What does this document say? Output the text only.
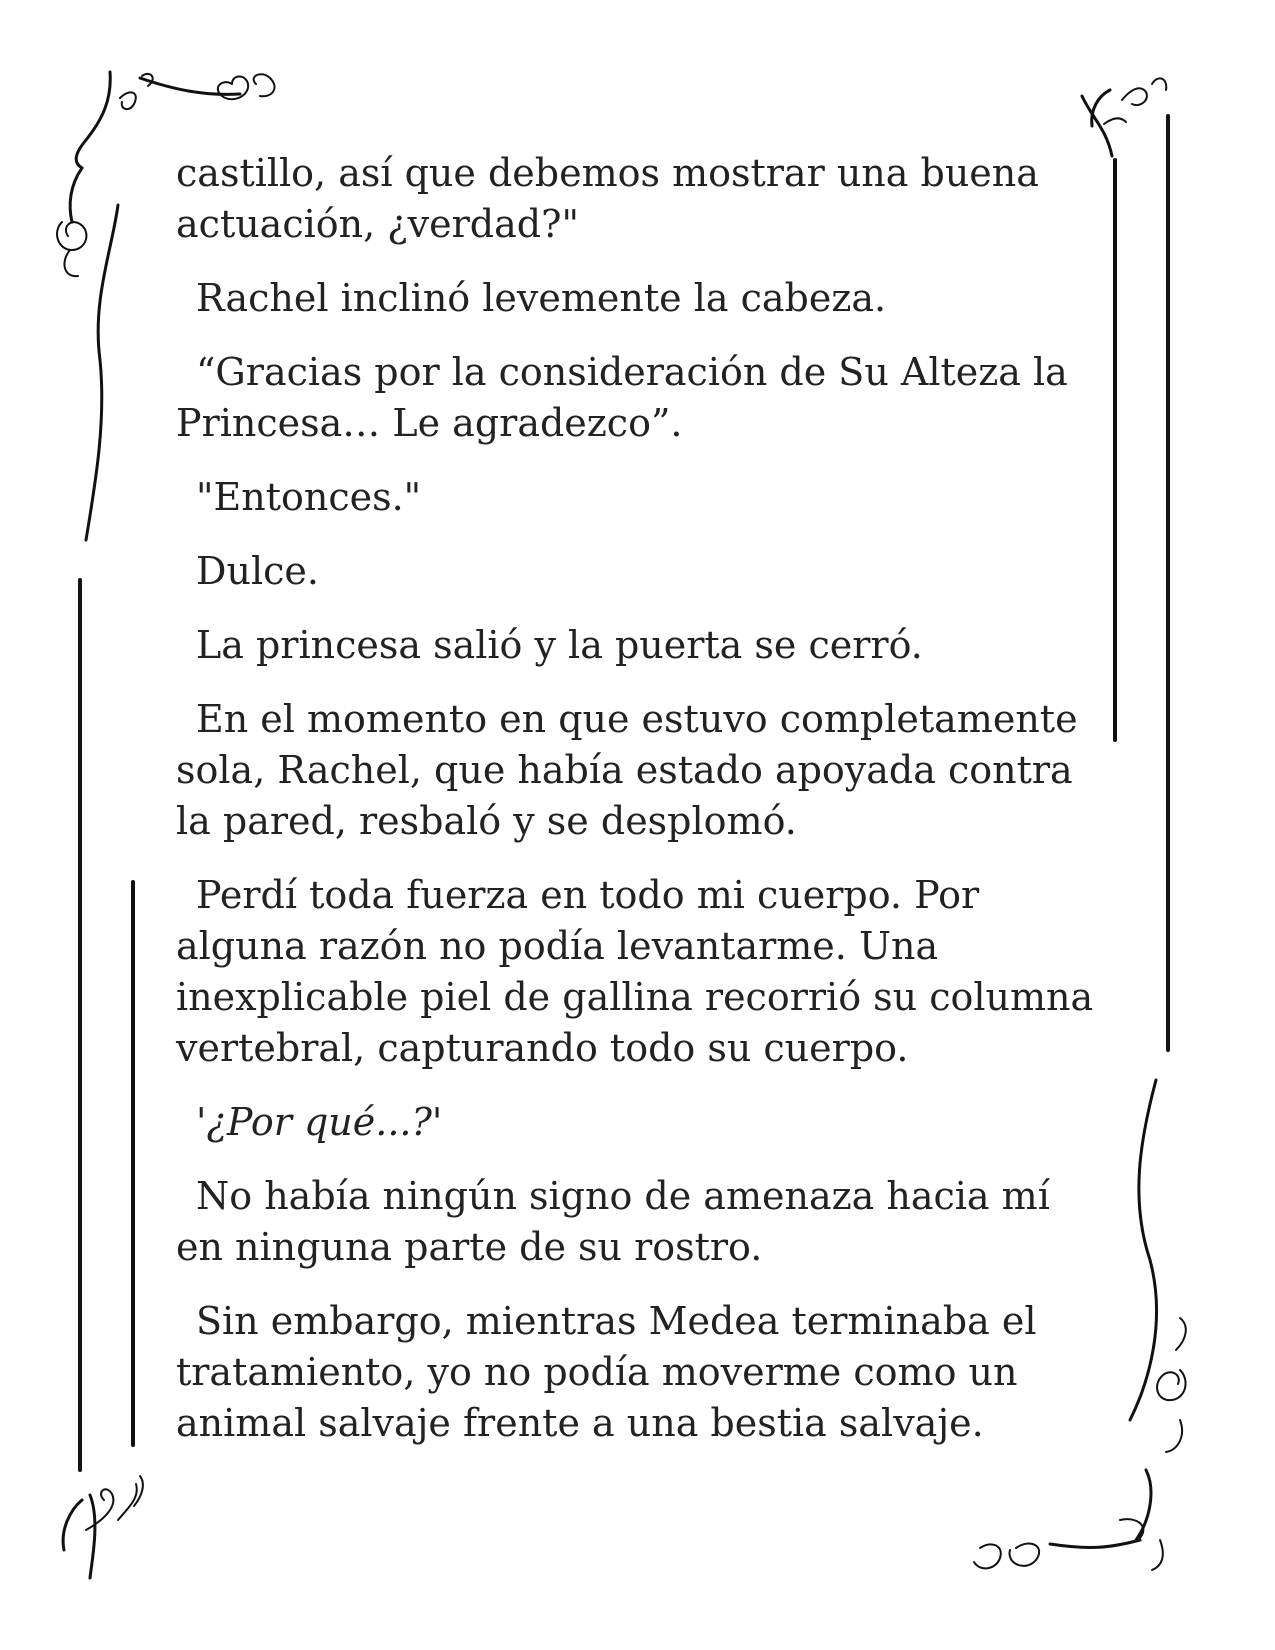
castillo, así que debemos mostrar una buena
actuación, ¿verdad?"

Rachel inclinó levemente la cabeza.

“Gracias por la consideración de Su Alteza la
Princesa… Le agradezco”.

"Entonces."

Dulce.

La princesa salió y la puerta se cerró.

En el momento en que estuvo completamente
sola, Rachel, que había estado apoyada contra
la pared, resbaló y se desplomó.

Perdí toda fuerza en todo mi cuerpo. Por
alguna razón no podía levantarme. Una
inexplicable piel de gallina recorrió su columna
vertebral, capturando todo su cuerpo.

'¿Por qué...?'

No había ningún signo de amenaza hacia mí
en ninguna parte de su rostro.

Sin embargo, mientras Medea terminaba el
tratamiento, yo no podía moverme como un
animal salvaje frente a una bestia salvaje.
